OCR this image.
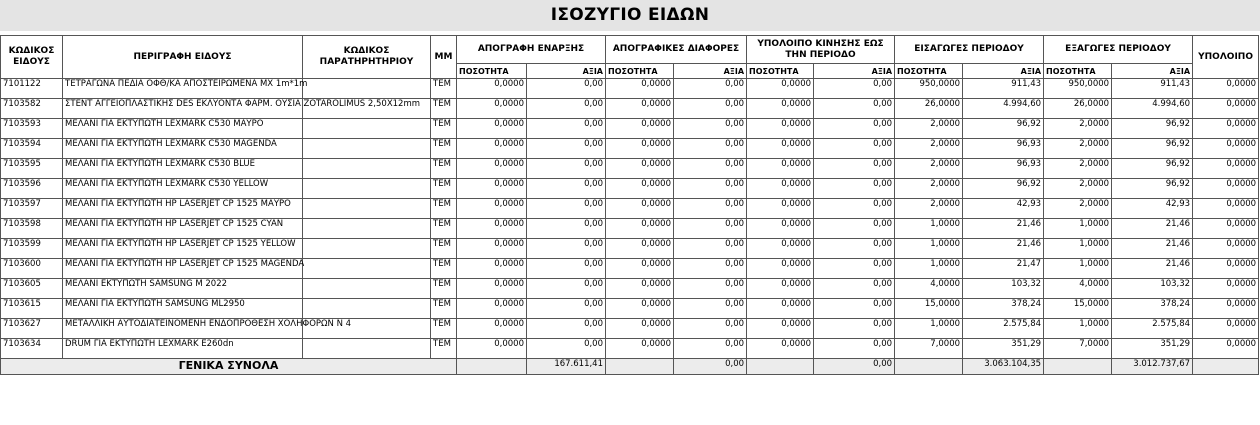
ΙΣΟΖΥΓΙΟ ΕΙΔΩΝ
ΚΩΔΙΚΟΣ ΕΙΔΟΥΣ	ΠΕΡΙΓΡΑΦΗ ΕΙΔΟΥΣ	ΚΩΔΙΚΟΣ ΠΑΡΑΤΗΡΗΤΗΡΙΟΥ	ΜΜ	ΑΠΟΓΡΑΦΗ ΕΝΑΡΞΗΣ		ΑΠΟΓΡΑΦΙΚΕΣ ΔΙΑΦΟΡΕΣ		ΥΠΟΛΟΙΠΟ ΚΙΝΗΣΗΣ ΕΩΣ ΤΗΝ ΠΕΡΙΟΔΟ		ΕΙΣΑΓΩΓΕΣ ΠΕΡΙΟΔΟΥ		ΕΞΑΓΩΓΕΣ ΠΕΡΙΟΔΟΥ		ΥΠΟΛΟΙΠΟ
				ΠΟΣΟΤΗΤΑ	ΑΞΙΑ	ΠΟΣΟΤΗΤΑ	ΑΞΙΑ	ΠΟΣΟΤΗΤΑ	ΑΞΙΑ	ΠΟΣΟΤΗΤΑ	ΑΞΙΑ	ΠΟΣΟΤΗΤΑ	ΑΞΙΑ	
7101122	ΤΕΤΡΑΓΩΝΑ ΠΕΔΙΑ ΟΦΘ/ΚΑ ΑΠΟΣΤΕΙΡΩΜΕΝΑ ΜΧ 1m*1m		ΤΕΜ	0,0000	0,00	0,0000	0,00	0,0000	0,00	950,0000	911,43	950,0000	911,43	0,0000
7103582	ΣΤΕΝΤ ΑΓΓΕΙΟΠΛΑΣΤΙΚΗΣ DES ΕΚΛΥΟΝΤΑ ΦΑΡΜ. ΟΥΣΙΑ ZOTAROLIMUS 2,50X12mm		ΤΕΜ	0,0000	0,00	0,0000	0,00	0,0000	0,00	26,0000	4.994,60	26,0000	4.994,60	0,0000
7103593	ΜΕΛΑΝΙ ΓΙΑ ΕΚΤΥΠΩΤΗ LEXMARK C530 ΜΑΥΡΟ		ΤΕΜ	0,0000	0,00	0,0000	0,00	0,0000	0,00	2,0000	96,92	2,0000	96,92	0,0000
7103594	ΜΕΛΑΝΙ ΓΙΑ ΕΚΤΥΠΩΤΗ LEXMARK C530 MAGENDA		ΤΕΜ	0,0000	0,00	0,0000	0,00	0,0000	0,00	2,0000	96,93	2,0000	96,92	0,0000
7103595	ΜΕΛΑΝΙ ΓΙΑ ΕΚΤΥΠΩΤΗ LEXMARK C530 BLUE		ΤΕΜ	0,0000	0,00	0,0000	0,00	0,0000	0,00	2,0000	96,93	2,0000	96,92	0,0000
7103596	ΜΕΛΑΝΙ ΓΙΑ ΕΚΤΥΠΩΤΗ LEXMARK C530 YELLOW		ΤΕΜ	0,0000	0,00	0,0000	0,00	0,0000	0,00	2,0000	96,92	2,0000	96,92	0,0000
7103597	ΜΕΛΑΝΙ ΓΙΑ ΕΚΤΥΠΩΤΗ HP LASERJET CP 1525 ΜΑΥΡΟ		ΤΕΜ	0,0000	0,00	0,0000	0,00	0,0000	0,00	2,0000	42,93	2,0000	42,93	0,0000
7103598	ΜΕΛΑΝΙ ΓΙΑ ΕΚΤΥΠΩΤΗ HP LASERJET CP 1525 CYAN		ΤΕΜ	0,0000	0,00	0,0000	0,00	0,0000	0,00	1,0000	21,46	1,0000	21,46	0,0000
7103599	ΜΕΛΑΝΙ ΓΙΑ ΕΚΤΥΠΩΤΗ HP LASERJET CP 1525 YELLOW		ΤΕΜ	0,0000	0,00	0,0000	0,00	0,0000	0,00	1,0000	21,46	1,0000	21,46	0,0000
7103600	ΜΕΛΑΝΙ ΓΙΑ ΕΚΤΥΠΩΤΗ HP LASERJET CP 1525 MAGENDA		ΤΕΜ	0,0000	0,00	0,0000	0,00	0,0000	0,00	1,0000	21,47	1,0000	21,46	0,0000
7103605	ΜΕΛΑΝΙ ΕΚΤΥΠΩΤΗ SAMSUNG M 2022		ΤΕΜ	0,0000	0,00	0,0000	0,00	0,0000	0,00	4,0000	103,32	4,0000	103,32	0,0000
7103615	ΜΕΛΑΝΙ ΓΙΑ ΕΚΤΥΠΩΤΗ SAMSUNG ML2950		ΤΕΜ	0,0000	0,00	0,0000	0,00	0,0000	0,00	15,0000	378,24	15,0000	378,24	0,0000
7103627	ΜΕΤΑΛΛΙΚΗ ΑΥΤΟΔΙΑΤΕΙΝΟΜΕΝΗ ΕΝΔΟΠΡΟΘΕΣΗ ΧΟΛΗΦΟΡΩΝ Ν 4		ΤΕΜ	0,0000	0,00	0,0000	0,00	0,0000	0,00	1,0000	2.575,84	1,0000	2.575,84	0,0000
7103634	DRUM ΓΙΑ ΕΚΤΥΠΩΤΗ LEXMARK E260dn		ΤΕΜ	0,0000	0,00	0,0000	0,00	0,0000	0,00	7,0000	351,29	7,0000	351,29	0,0000
ΓΕΝΙΚΑ ΣΥΝΟΛΑ					167.611,41		0,00		0,00		3.063.104,35		3.012.737,67	
